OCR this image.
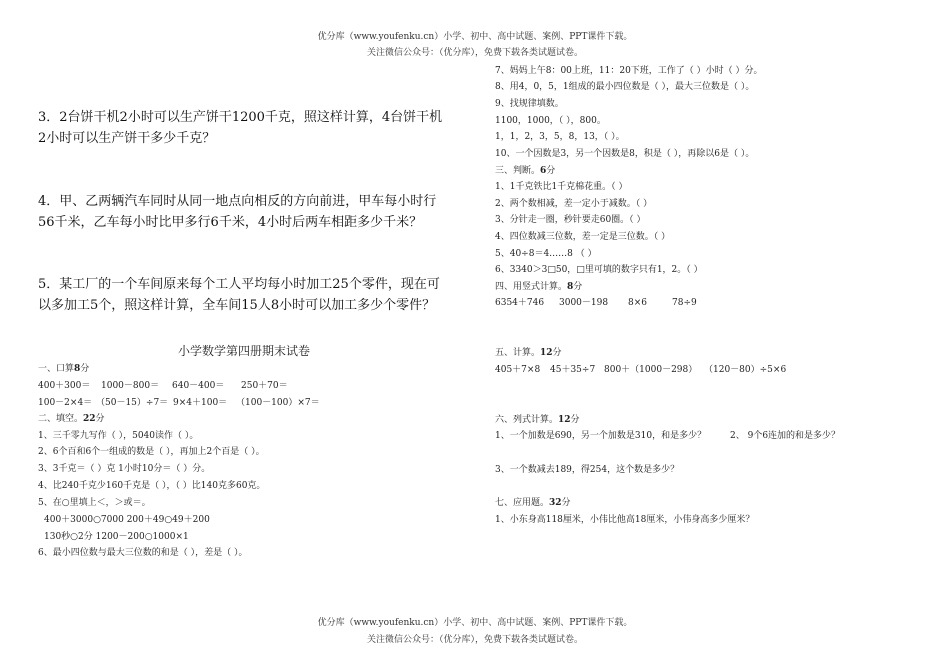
优分库（www.youfenku.cn）小学、初中、高中试题、案例、PPT课件下载。
关注微信公众号：（优分库），免费下载各类试题试卷。
3．2台饼干机2小时可以生产饼干1200千克，照这样计算，4台饼干机2小时可以生产饼干多少千克？
4．甲、乙两辆汽车同时从同一地点向相反的方向前进，甲车每小时行56千米，乙车每小时比甲多行6千米，4小时后两车相距多少千米？
5．某工厂的一个车间原来每个工人平均每小时加工25个零件，现在可以多加工5个，照这样计算，全车间15人8小时可以加工多少个零件？
小学数学第四册期末试卷
一、口算8分
400＋300＝ 1000－800＝ 640－400＝ 250＋70＝
100－2×4＝ （50－15）÷7＝ 9×4＋100＝ （100－100）×7＝
二、填空。22分
1、三千零九写作（ ），5040读作（ ）。
2、6个百和6个一组成的数是（ ），再加上2个百是（ ）。
3、3千克＝（ ）克 1小时10分＝（ ）分。
4、比240千克少160千克是（ ），（ ）比140克多60克。
5、在○里填上＜，＞或＝。
400＋3000○7000 200＋49○49＋200
130秒○2分 1200－200○1000×1
6、最小四位数与最大三位数的和是（ ），差是（ ）。
7、妈妈上午8：00上班，11：20下班，工作了（ ）小时（ ）分。
8、用4，0，5，1组成的最小四位数是（ ），最大三位数是（ ）。
9、找规律填数。
1100，1000，（ ），800。
1，1，2，3，5，8，13，（ ）。
10、一个因数是3，另一个因数是8，积是（ ），再除以6是（ ）。
三、判断。6分
1、1千克铁比1千克棉花重。（ ）
2、两个数相减，差一定小于减数。（ ）
3、分针走一圈，秒针要走60圈。（ ）
4、四位数减三位数，差一定是三位数。（ ）
5、40÷8＝4……8 （ ）
6、3340＞3□50，□里可填的数字只有1，2。（ ）
四、用竖式计算。8分
6354＋746 3000－198 8×6	78÷9
五、计算。12分
405＋7×8 45＋35÷7 800＋（1000－298） （120－80）÷5×6
六、列式计算。12分
1、一个加数是690，另一个加数是310，和是多少？	2、 9个6连加的和是多少？
3、一个数减去189，得254，这个数是多少？
七、应用题。32分
1、小东身高118厘米，小伟比他高18厘米，小伟身高多少厘米？
优分库（www.youfenku.cn）小学、初中、高中试题、案例、PPT课件下载。
关注微信公众号：（优分库），免费下载各类试题试卷。
